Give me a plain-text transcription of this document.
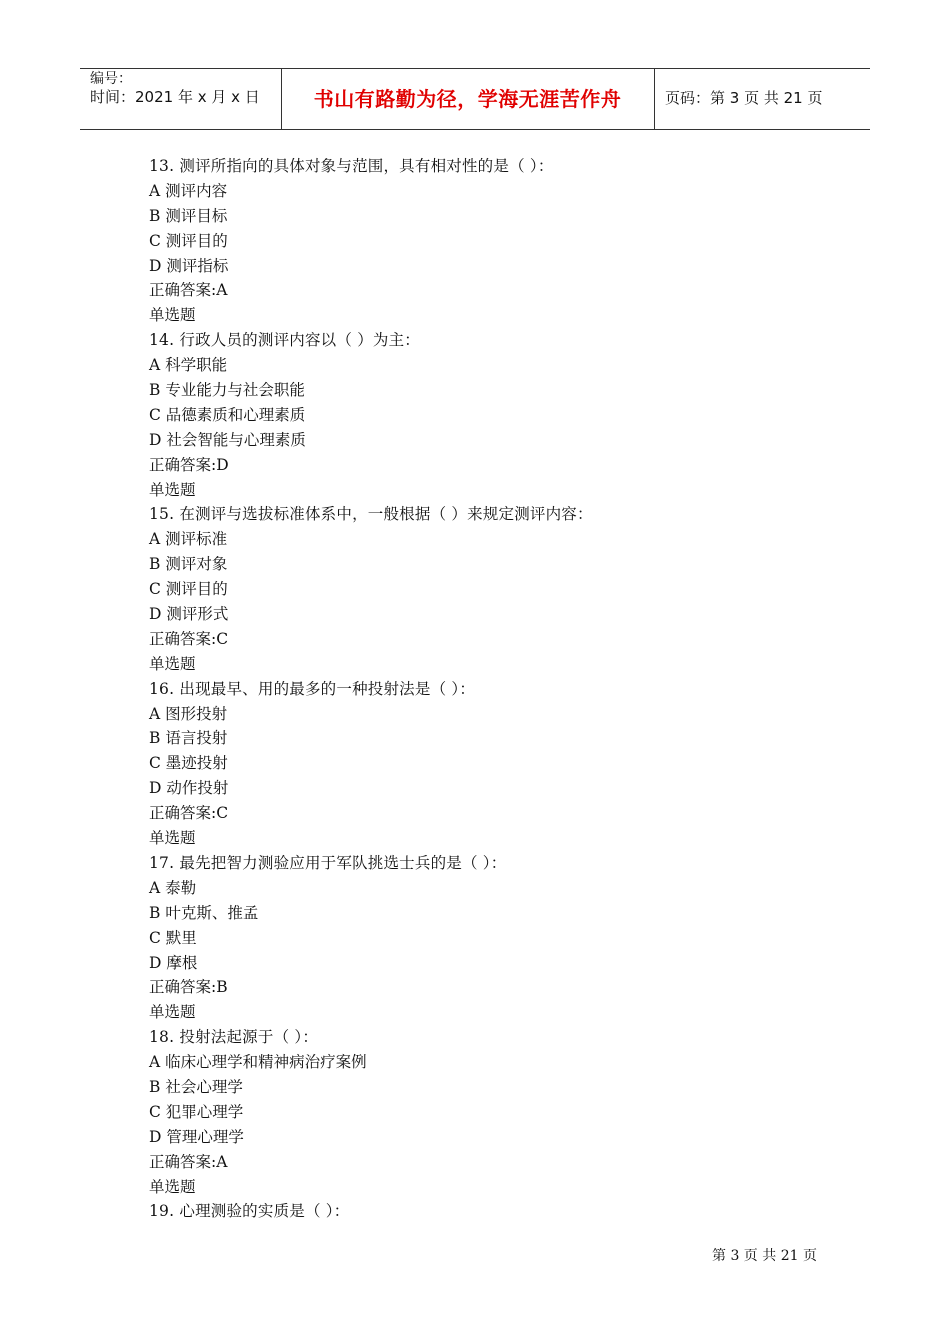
编号：
时间：2021 年 x 月 x 日	书山有路勤为径，学海无涯苦作舟	页码：第 3 页 共 21 页
13. 测评所指向的具体对象与范围，具有相对性的是（ ）：
A 测评内容
B 测评目标
C 测评目的
D 测评指标
正确答案:A
单选题
14. 行政人员的测评内容以（ ）为主：
A 科学职能
B 专业能力与社会职能
C 品德素质和心理素质
D 社会智能与心理素质
正确答案:D
单选题
15. 在测评与选拔标准体系中，一般根据（ ）来规定测评内容：
A 测评标准
B 测评对象
C 测评目的
D 测评形式
正确答案:C
单选题
16. 出现最早、用的最多的一种投射法是（ ）：
A 图形投射
B 语言投射
C 墨迹投射
D 动作投射
正确答案:C
单选题
17. 最先把智力测验应用于军队挑选士兵的是（ ）：
A 泰勒
B 叶克斯、推孟
C 默里
D 摩根
正确答案:B
单选题
18. 投射法起源于（ ）：
A 临床心理学和精神病治疗案例
B 社会心理学
C 犯罪心理学
D 管理心理学
正确答案:A
单选题
19. 心理测验的实质是（ ）：
第 3 页 共 21 页
